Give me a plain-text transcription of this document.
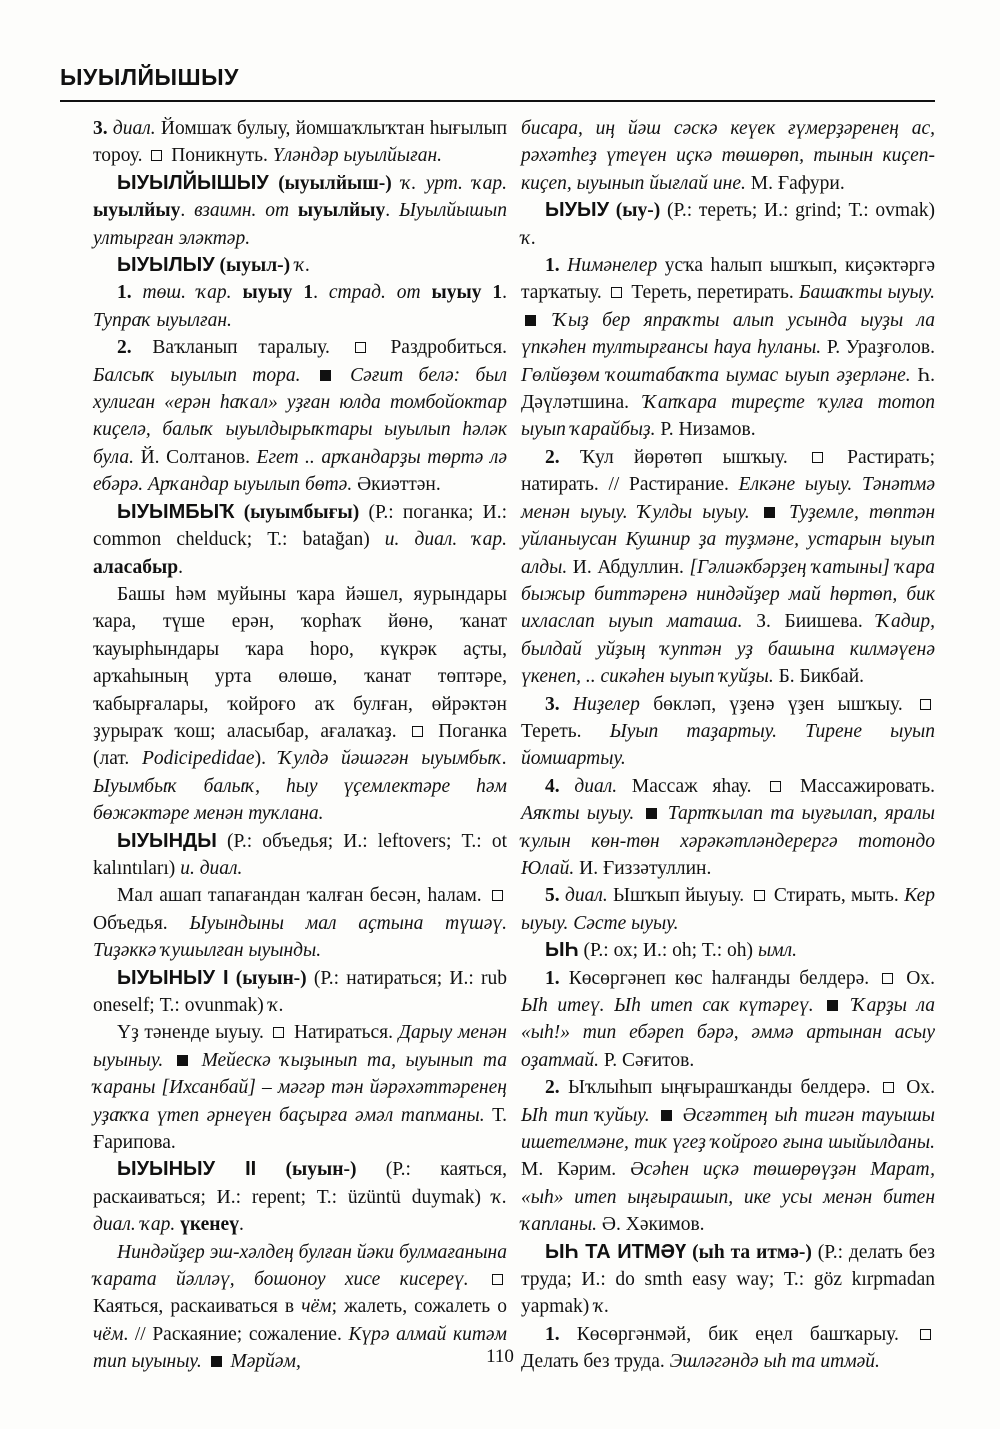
ЫУЫЛЙЫШЫУ

3. диал. Йомшаҡ булыу, йомшаҡлыҡтан һығылып тороу.  Поникнуть. Үләндәр ыуылйыған.

ЫУЫЛЙЫШЫУ (ыуылйыш-) ҡ. урт. ҡар. ыуылйыу. взаимн. от ыуылйыу. Ыуылйышып ултырған эләктәр.

ЫУЫЛЫУ (ыуыл-) ҡ.

1. төш. ҡар. ыуыу 1. страд. от ыуыу 1. Тупраҡ ыуылған.

2. Ваҡланып таралыу.  Раздробиться. Балсыҡ ыуылып тора.	Сәғит белә: был хулиган «ерән һаҡал» уҙған юлда томбойоктар киҫелә, балыҡ ыуылдырыҡтары ыуылып һәләк була. Й. Солтанов. Егет .. арҡандарҙы төртә лә ебәрә. Арҡандар ыуылып бөтә. Әкиәттән.

ЫУЫМБЫҠ (ыуымбығы) (Р.: поганка; И.: common chelduck; Т.: batağan) и. диал. ҡар. аласабыр.

Башы һәм муйыны ҡара йәшел, яурындары ҡара, түше ерән, ҡорһаҡ йөнө, ҡанат ҡауырһындары ҡара һоро, күкрәк аҫты, арҡаһының урта өлөшө, ҡанат төптәре, ҡабырғалары, ҡойроғо аҡ булған, өйрәктән ҙурыраҡ ҡош; аласыбар, ағалаҡаҙ.  Поганка (лат. Podicipedidae). Ҡулдә йәшәгән ыуымбыҡ. Ыуымбыҡ балыҡ, һыу үҫемлектәре һәм бөжәктәре менән туҡлана.

ЫУЫНДЫ (Р.: объедья; И.: leftovers; Т.: ot kalıntıları) и. диал.

Мал ашап тапағандан ҡалған бесән, һалам.  Объедья. Ыуындыны мал аҫтына түшәү. Тиҙәккә ҡушылған ыуынды.

ЫУЫНЫУ I (ыуын-) (Р.: натираться; И.: rub oneself; Т.: ovunmak) ҡ.

Үҙ тәненде ыуыу.  Натираться. Дарыу менән ыуыныу. Мейескә ҡыҙынып та, ыуынып та ҡараны [Ихсанбай] – мәгәр тән йәрәхәттәренең уҙаҡҡа үтеп әрнеүен баҫырға әмәл тапманы. Т. Ғарипова.

ЫУЫНЫУ II (ыуын-) (Р.: каяться, раскаиваться; И.: repent; Т.: üzüntü duymak) ҡ. диал. ҡар. үкенеү.

Ниндәйҙер эш-хәлдең булған йәки булмағанына ҡарата йәлләү, бошоноу хисе кисереү.  Каяться, раскаиваться в чём; жалеть, сожалеть о чём. // Раскаяние; сожаление. Күрә алмай китәм тип ыуыныу. Мәрйәм,

бисара, иң йәш сәскә кеүек ғүмерҙәренең ас, рәхәтһеҙ үтеүен иҫкә төшөрөп, тынын киҫеп-киҫеп, ыуынып йығлай ине. М. Ғафури.

ЫУЫУ (ыу-) (Р.: тереть; И.: grind; Т.: ovmak) ҡ.

1. Нимәнелер усҡа һалып ышҡып, киҫәктәргә тарҡатыу.  Тереть, перетирать. Башаҡты ыуыу.  Ҡыҙ бер япраҡты алып усында ыуҙы ла үпкәһен тултырғансы һауа һуланы. Р. Ураҙғолов. Гөлйөҙөм ҡоштабаҡта ыумас ыуып әҙерләне. Һ. Дәүләтшина. Ҡапҡара тиреҫте ҡулға тотоп ыуып ҡарайбыҙ. Р. Низамов.

2. Ҡул йөрөтөп ышҡыу.  Растирать; натирать. // Растирание. Елкәне ыуыу. Тәнәтмә менән ыуыу. Ҡулды ыуыу. Туҙемле, төптән уйланыусан Кушнир ҙа туҙмәне, устарын ыуып алды. И. Абдуллин. [Гәлиәкбәрҙең ҡатыны] ҡара быжыр биттәренә ниндәйҙер май һөртөп, бик ихласлап ыуып маташа. З. Биишева. Ҡадир, былдай уйҙың ҡуптән уҙ башына килмәүенә үкенеп, .. сикәһен ыуып ҡуйҙы. Б. Бикбай.

3. Ниҙелер бөкләп, үҙенә үҙен ышҡыу.  Тереть. Ыуып таҙартыу. Тирене ыуып йомшартыу.

4. диал. Массаж яһау.  Массажировать. Аяҡты ыуыу. Тартҡылап та ыуғылап, яралы ҡулын көн-төн хәрәкәтләндерергә тотондо Юлай. И. Ғиззәтуллин.

5. диал. Ышҡып йыуыу.  Стирать, мыть. Кер ыуыу. Сәсте ыуыу.

ЫҺ (Р.: ох; И.: oh; Т.: oh) ымл.

1. Көсөргәнеп көс һалғанды белдерә.  Ох. Ыһ итеү. Ыһ итеп сак күтәреү. Ҡарҙы ла «ыһ!» тип ебәреп бәрә, әммә артынан асыу оҙатмай. Р. Сәғитов.

2. Ыҡлыһып ыңғырашҡанды белдерә.  Ох. Ыһ тип ҡуйыу. Әсғәттең ыһ тигән тауышы ишетелмәне, тик үгеҙ ҡойроғо ғына шыйылданы. М. Кәрим. Әсәһен иҫкә төшөрөүҙән Марат, «ыһ» итеп ыңғырашып, ике усы менән битен ҡапланы. Ә. Хәкимов.

ЫҺ ТА ИТМӘҮ (ыһ та итмә-) (Р.: делать без труда; И.: do smth easy way; Т.: göz kırpmadan yapmak) ҡ.

1. Көсөргәнмәй, бик еңел башҡарыу.  Делать без труда. Эшләгәндә ыһ та итмәй.

110
